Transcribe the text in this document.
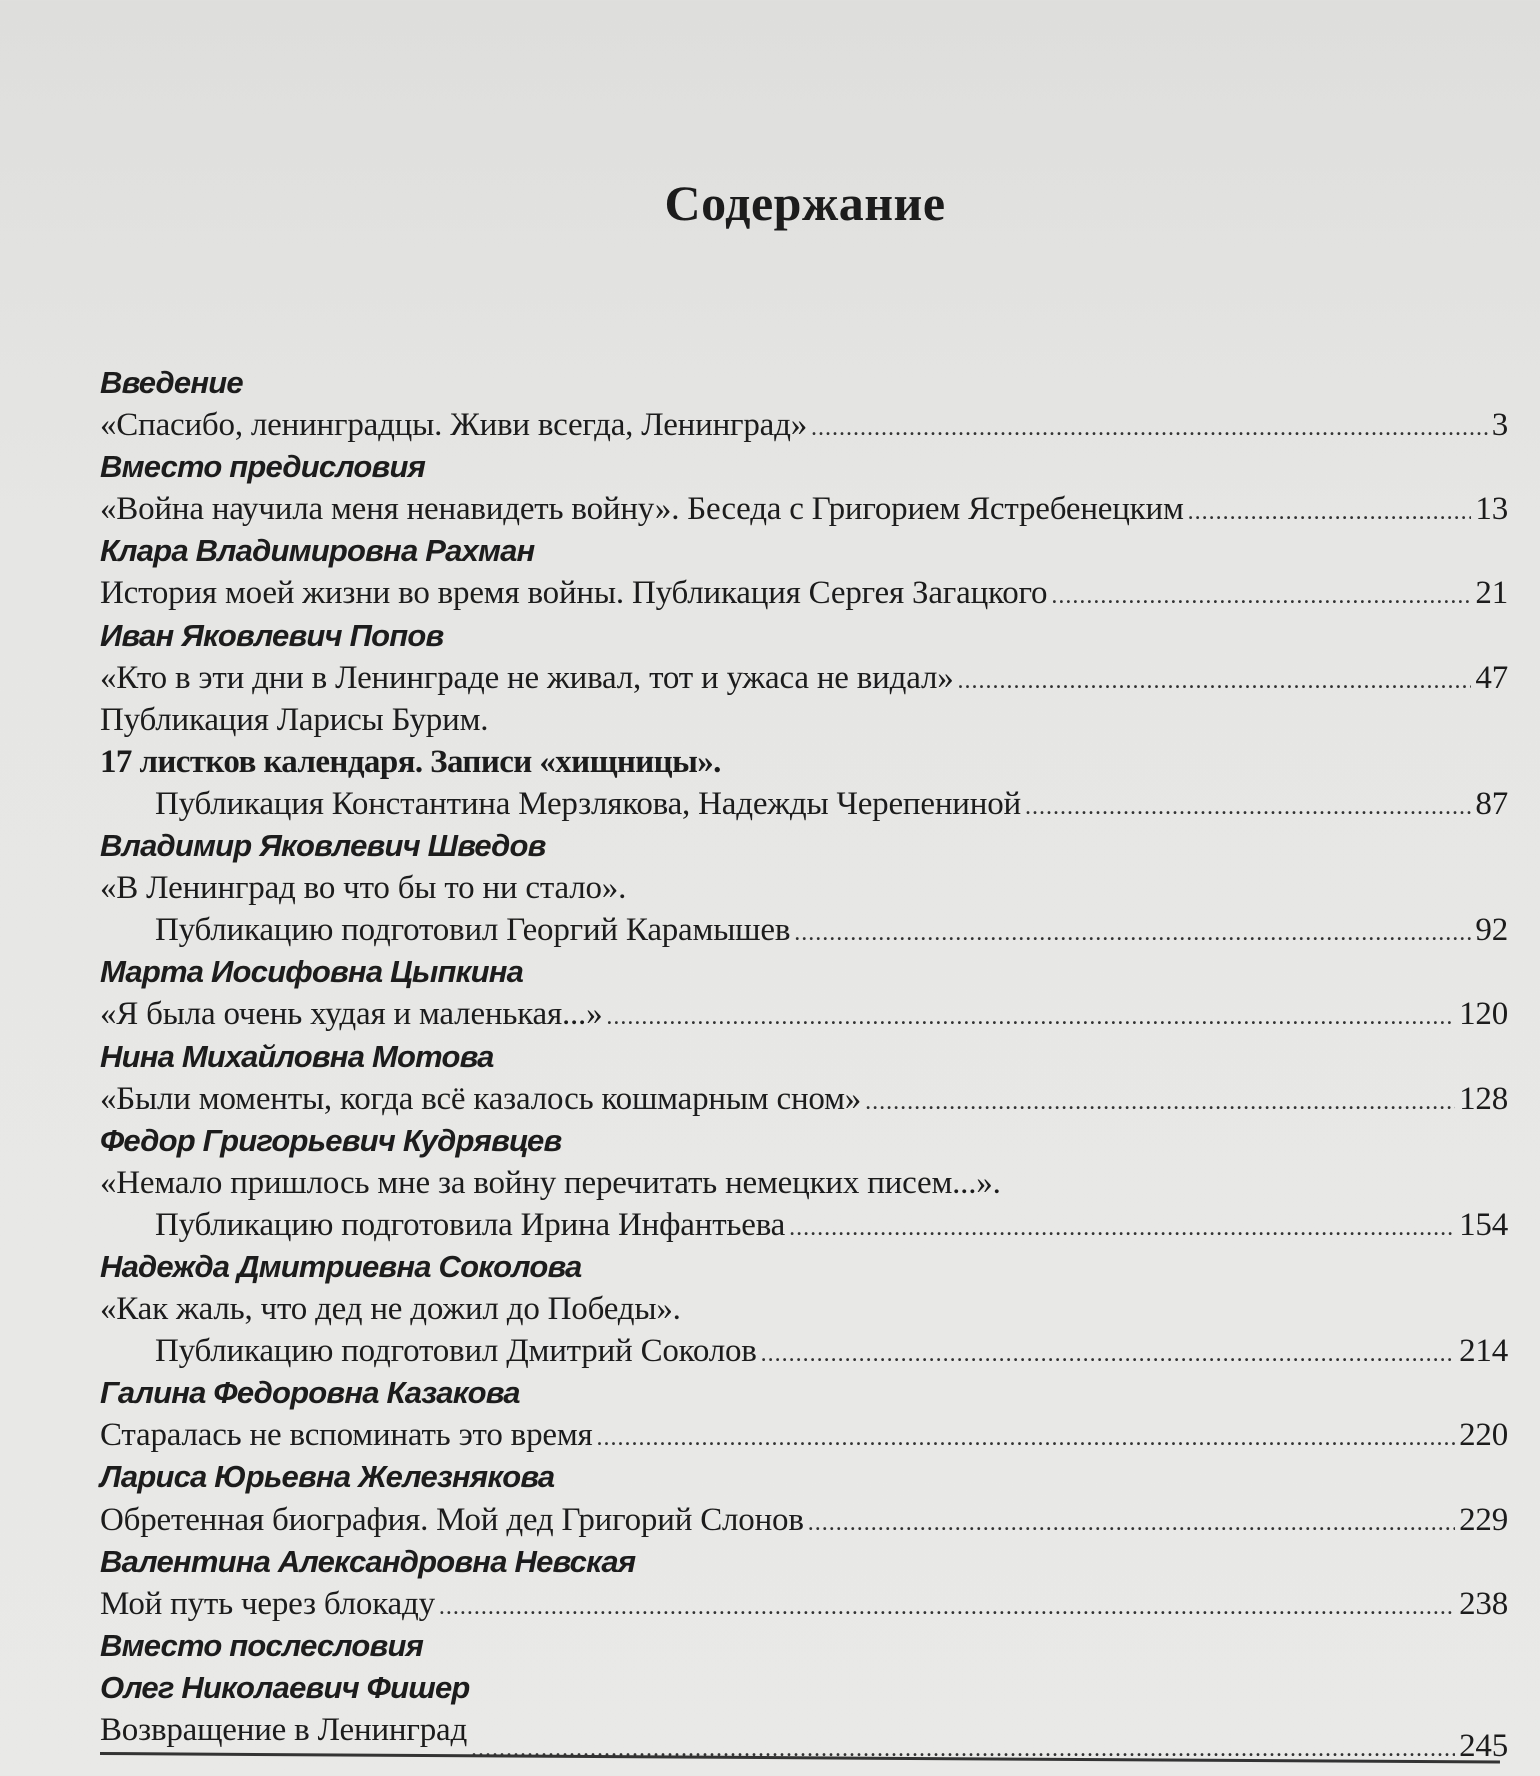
Содержание
Введение
«Спасибо, ленинградцы. Живи всегда, Ленинград» .....	3
Вместо предисловия
«Война научила меня ненавидеть войну». Беседа с Григорием Ястребенецким .....	13
Клара Владимировна Рахман
История моей жизни во время войны. Публикация Сергея Загацкого .....	21
Иван Яковлевич Попов
«Кто в эти дни в Ленинграде не живал, тот и ужаса не видал» .....	47
Публикация Ларисы Бурим.
17 листков календаря. Записи «хищницы».
Публикация Константина Мерзлякова, Надежды Черепениной .....	87
Владимир Яковлевич Шведов
«В Ленинград во что бы то ни стало».
Публикацию подготовил Георгий Карамышев .....	92
Марта Иосифовна Цыпкина
«Я была очень худая и маленькая...» .....	120
Нина Михайловна Мотова
«Были моменты, когда всё казалось кошмарным сном» .....	128
Федор Григорьевич Кудрявцев
«Немало пришлось мне за войну перечитать немецких писем...».
Публикацию подготовила Ирина Инфантьева .....	154
Надежда Дмитриевна Соколова
«Как жаль, что дед не дожил до Победы».
Публикацию подготовил Дмитрий Соколов .....	214
Галина Федоровна Казакова
Старалась не вспоминать это время .....	220
Лариса Юрьевна Железнякова
Обретенная биография. Мой дед Григорий Слонов .....	229
Валентина Александровна Невская
Мой путь через блокаду .....	238
Вместо послесловия
Олег Николаевич Фишер
Возвращение в Ленинград .....	245
